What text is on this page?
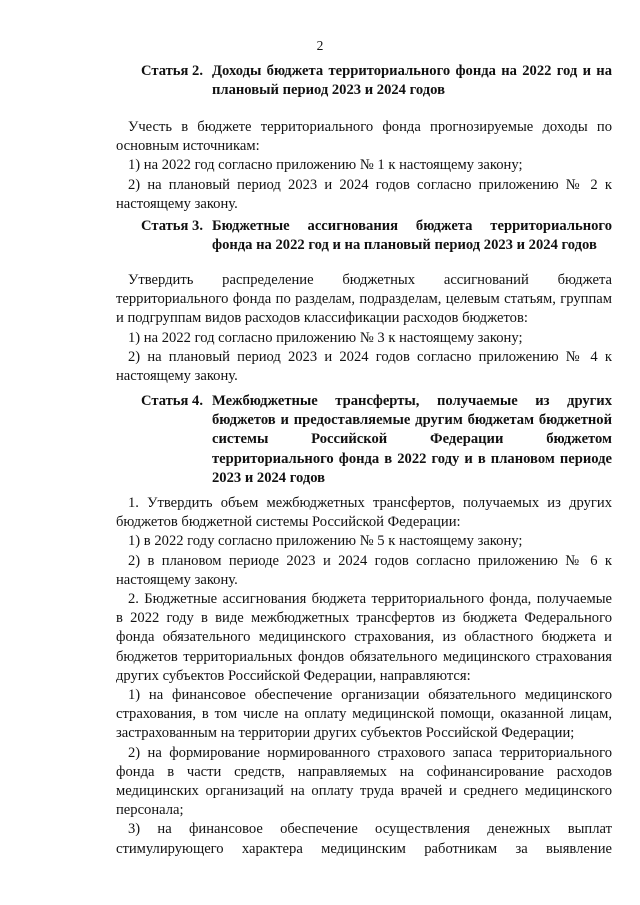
2
Статья 2. Доходы бюджета территориального фонда на 2022 год и на плановый период 2023 и 2024 годов

Учесть в бюджете территориального фонда прогнозируемые доходы по основным источникам:

1) на 2022 год согласно приложению № 1 к настоящему закону;

2) на плановый период 2023 и 2024 годов согласно приложению № 2 к настоящему закону.

Статья 3. Бюджетные ассигнования бюджета территориального фонда на 2022 год и на плановый период 2023 и 2024 годов

Утвердить распределение бюджетных ассигнований бюджета территориального фонда по разделам, подразделам, целевым статьям, группам и подгруппам видов расходов классификации расходов бюджетов:

1) на 2022 год согласно приложению № 3 к настоящему закону;

2) на плановый период 2023 и 2024 годов согласно приложению № 4 к настоящему закону.

Статья 4. Межбюджетные трансферты, получаемые из других бюджетов и предоставляемые другим бюджетам бюджетной системы Российской Федерации бюджетом территориального фонда в 2022 году и в плановом периоде 2023 и 2024 годов

1. Утвердить объем межбюджетных трансфертов, получаемых из других бюджетов бюджетной системы Российской Федерации:

1) в 2022 году согласно приложению № 5 к настоящему закону;

2) в плановом периоде 2023 и 2024 годов согласно приложению № 6 к настоящему закону.

2. Бюджетные ассигнования бюджета территориального фонда, получаемые в 2022 году в виде межбюджетных трансфертов из бюджета Федерального фонда обязательного медицинского страхования, из областного бюджета и бюджетов территориальных фондов обязательного медицинского страхования других субъектов Российской Федерации, направляются:

1) на финансовое обеспечение организации обязательного медицинского страхования, в том числе на оплату медицинской помощи, оказанной лицам, застрахованным на территории других субъектов Российской Федерации;

2) на формирование нормированного страхового запаса территориального фонда в части средств, направляемых на софинансирование расходов медицинских организаций на оплату труда врачей и среднего медицинского персонала;

3) на финансовое обеспечение осуществления денежных выплат стимулирующего характера медицинским работникам за выявление
